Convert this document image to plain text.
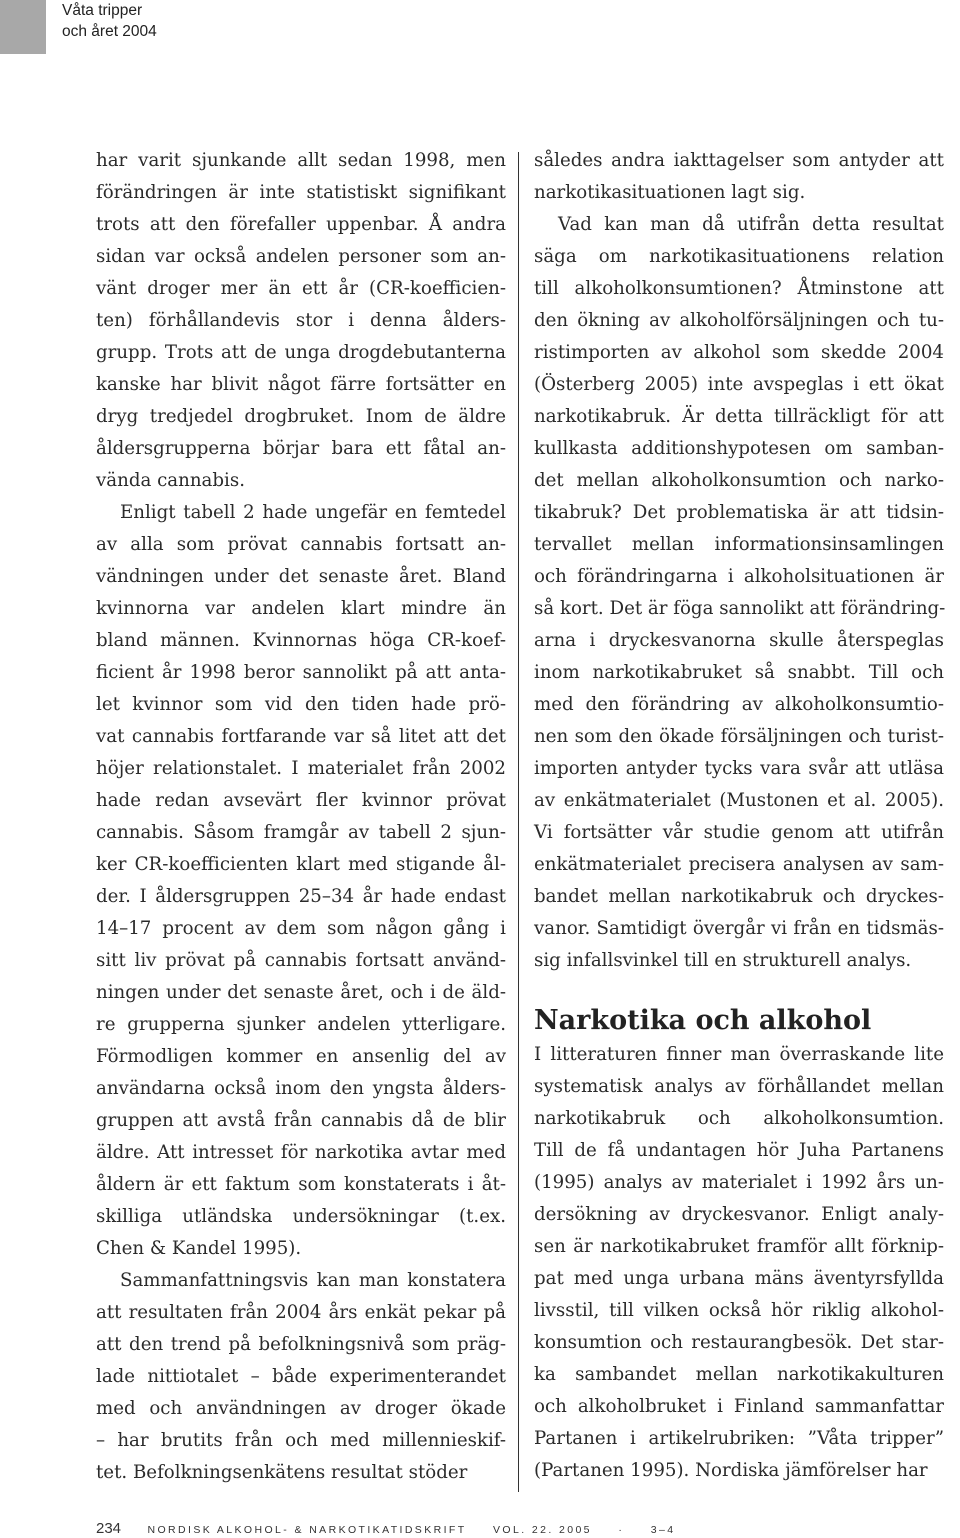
Våta tripper
och året 2004
har varit sjunkande allt sedan 1998, men
förändringen är inte statistiskt signifikant
trots att den förefaller uppenbar. Å andra
sidan var också andelen personer som an-
vänt droger mer än ett år (CR-koefficien-
ten) förhållandevis stor i denna ålders-
grupp. Trots att de unga drogdebutanterna
kanske har blivit något färre fortsätter en
dryg tredjedel drogbruket. Inom de äldre
åldersgrupperna börjar bara ett fåtal an-
vända cannabis.
Enligt tabell 2 hade ungefär en femtedel
av alla som prövat cannabis fortsatt an-
vändningen under det senaste året. Bland
kvinnorna var andelen klart mindre än
bland männen. Kvinnornas höga CR-koef-
ficient år 1998 beror sannolikt på att anta-
let kvinnor som vid den tiden hade prö-
vat cannabis fortfarande var så litet att det
höjer relationstalet. I materialet från 2002
hade redan avsevärt fler kvinnor prövat
cannabis. Såsom framgår av tabell 2 sjun-
ker CR-koefficienten klart med stigande ål-
der. I åldersgruppen 25–34 år hade endast
14–17 procent av dem som någon gång i
sitt liv prövat på cannabis fortsatt använd-
ningen under det senaste året, och i de äld-
re grupperna sjunker andelen ytterligare.
Förmodligen kommer en ansenlig del av
användarna också inom den yngsta ålders-
gruppen att avstå från cannabis då de blir
äldre. Att intresset för narkotika avtar med
åldern är ett faktum som konstaterats i åt-
skilliga utländska undersökningar (t.ex.
Chen & Kandel 1995).
Sammanfattningsvis kan man konstatera
att resultaten från 2004 års enkät pekar på
att den trend på befolkningsnivå som präg-
lade nittiotalet – både experimenterandet
med och användningen av droger ökade
– har brutits från och med millennieskif-
tet. Befolkningsenkätens resultat stöder
således andra iakttagelser som antyder att
narkotikasituationen lagt sig.
Vad kan man då utifrån detta resultat
säga om narkotikasituationens relation
till alkoholkonsumtionen? Åtminstone att
den ökning av alkoholförsäljningen och tu-
ristimporten av alkohol som skedde 2004
(Österberg 2005) inte avspeglas i ett ökat
narkotikabruk. Är detta tillräckligt för att
kullkasta additionshypotesen om samban-
det mellan alkoholkonsumtion och narko-
tikabruk? Det problematiska är att tidsin-
tervallet mellan informationsinsamlingen
och förändringarna i alkoholsituationen är
så kort. Det är föga sannolikt att förändring-
arna i dryckesvanorna skulle återspeglas
inom narkotikabruket så snabbt. Till och
med den förändring av alkoholkonsumtio-
nen som den ökade försäljningen och turist-
importen antyder tycks vara svår att utläsa
av enkätmaterialet (Mustonen et al. 2005).
Vi fortsätter vår studie genom att utifrån
enkätmaterialet precisera analysen av sam-
bandet mellan narkotikabruk och dryckes-
vanor. Samtidigt övergår vi från en tidsmäs-
sig infallsvinkel till en strukturell analys.
Narkotika och alkohol
I litteraturen finner man överraskande lite
systematisk analys av förhållandet mellan
narkotikabruk och alkoholkonsumtion.
Till de få undantagen hör Juha Partanens
(1995) analys av materialet i 1992 års un-
dersökning av dryckesvanor. Enligt analy-
sen är narkotikabruket framför allt förknip-
pat med unga urbana mäns äventyrsfyllda
livsstil, till vilken också hör riklig alkohol-
konsumtion och restaurangbesök. Det star-
ka sambandet mellan narkotikakulturen
och alkoholbruket i Finland sammanfattar
Partanen i artikelrubriken: ”Våta tripper”
(Partanen 1995). Nordiska jämförelser har
234	NORDISK ALKOHOL- & NARKOTIKATIDSKRIFT	VOL. 22. 2005	·	3–4
